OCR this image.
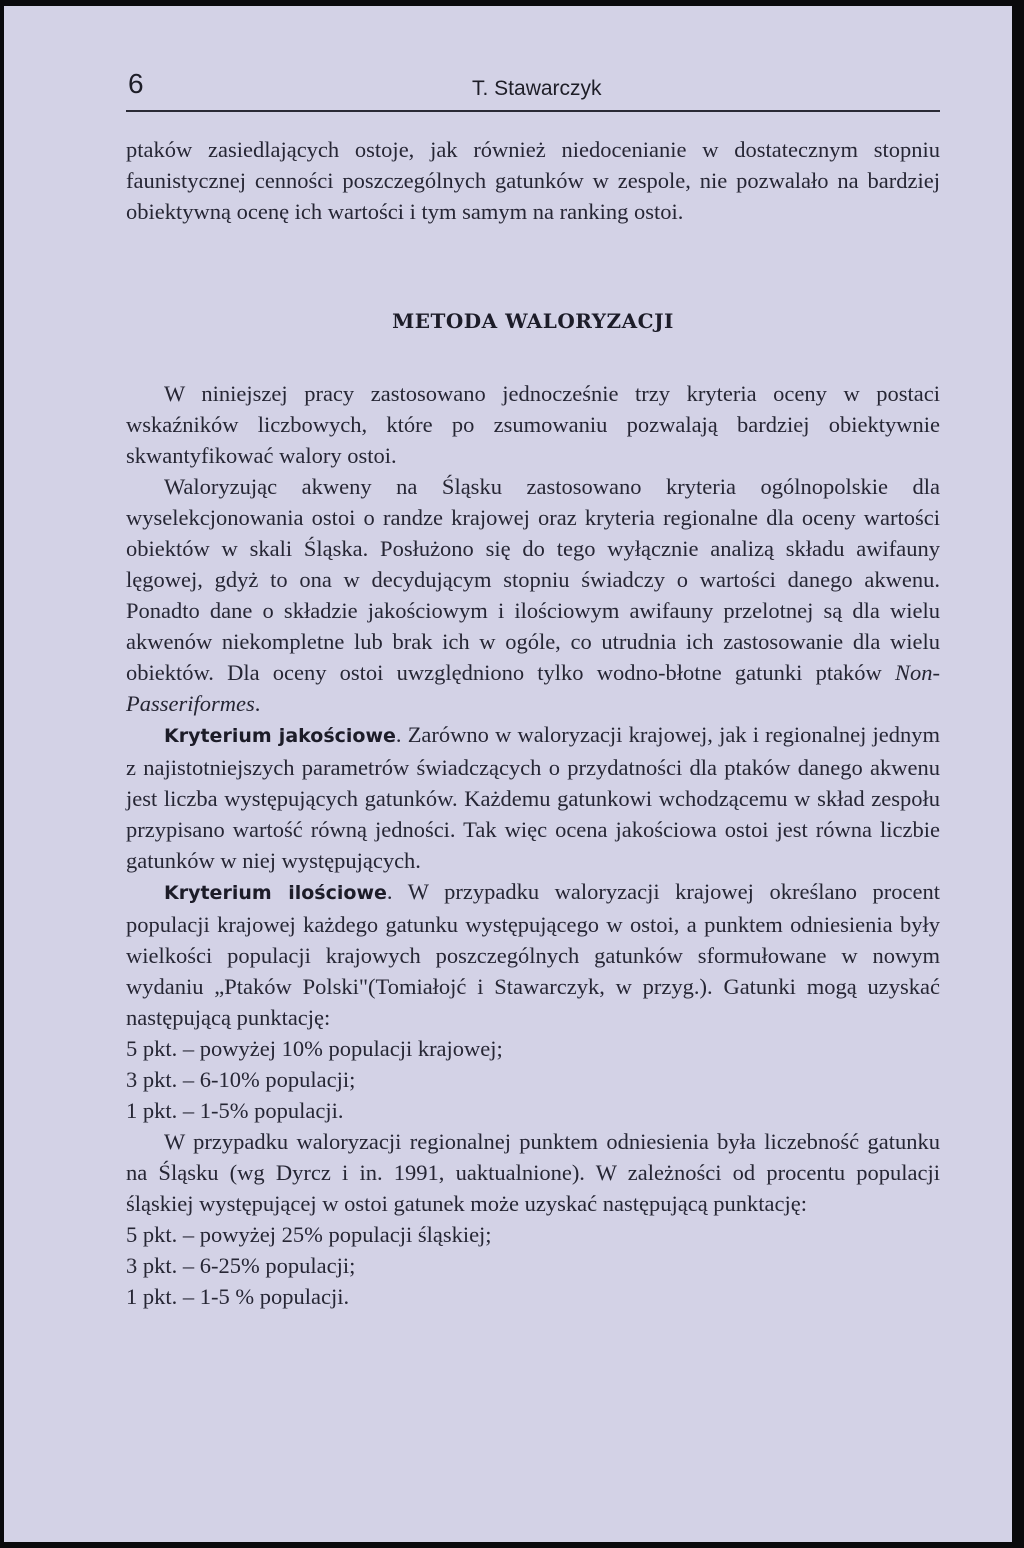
6	T. Stawarczyk

ptaków zasiedlających ostoje, jak również niedocenianie w dostatecznym stopniu faunistycznej cenności poszczególnych gatunków w zespole, nie pozwalało na bardziej obiektywną ocenę ich wartości i tym samym na ranking ostoi.

METODA WALORYZACJI

W niniejszej pracy zastosowano jednocześnie trzy kryteria oceny w postaci wskaźników liczbowych, które po zsumowaniu pozwalają bardziej obiektywnie skwantyfikować walory ostoi.

Waloryzując akweny na Śląsku zastosowano kryteria ogólnopolskie dla wyselekcjonowania ostoi o randze krajowej oraz kryteria regionalne dla oceny wartości obiektów w skali Śląska. Posłużono się do tego wyłącznie analizą składu awifauny lęgowej, gdyż to ona w decydującym stopniu świadczy o wartości danego akwenu. Ponadto dane o składzie jakościowym i ilościowym awifauny przelotnej są dla wielu akwenów niekompletne lub brak ich w ogóle, co utrudnia ich zastosowanie dla wielu obiektów. Dla oceny ostoi uwzględniono tylko wodno-błotne gatunki ptaków Non-Passeriformes.

Kryterium jakościowe. Zarówno w waloryzacji krajowej, jak i regionalnej jednym z najistotniejszych parametrów świadczących o przydatności dla ptaków danego akwenu jest liczba występujących gatunków. Każdemu gatunkowi wchodzącemu w skład zespołu przypisano wartość równą jedności. Tak więc ocena jakościowa ostoi jest równa liczbie gatunków w niej występujących.

Kryterium ilościowe. W przypadku waloryzacji krajowej określano procent populacji krajowej każdego gatunku występującego w ostoi, a punktem odniesienia były wielkości populacji krajowych poszczególnych gatunków sformułowane w nowym wydaniu „Ptaków Polski"(Tomiałojć i Stawarczyk, w przyg.). Gatunki mogą uzyskać następującą punktację:

5 pkt. – powyżej 10% populacji krajowej;

3 pkt. – 6-10% populacji;

1 pkt. – 1-5% populacji.

W przypadku waloryzacji regionalnej punktem odniesienia była liczebność gatunku na Śląsku (wg Dyrcz i in. 1991, uaktualnione). W zależności od procentu populacji śląskiej występującej w ostoi gatunek może uzyskać następującą punktację:

5 pkt. – powyżej 25% populacji śląskiej;

3 pkt. – 6-25% populacji;

1 pkt. – 1-5 % populacji.
